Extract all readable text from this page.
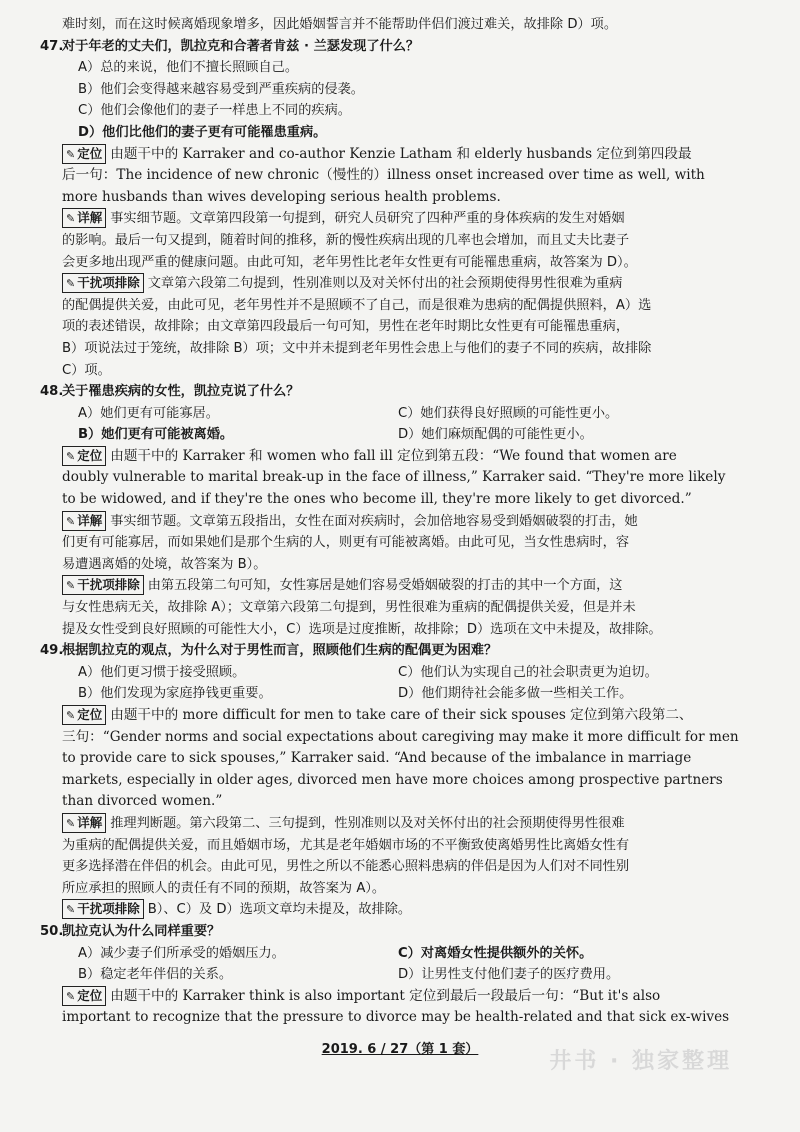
难时刻，而在这时候离婚现象增多，因此婚姻誓言并不能帮助伴侣们渡过难关，故排除 D）项。
47.对于年老的丈夫们，凯拉克和合著者肯兹 · 兰瑟发现了什么？
A）总的来说，他们不擅长照顾自己。
B）他们会变得越来越容易受到严重疾病的侵袭。
C）他们会像他们的妻子一样患上不同的疾病。
D）他们比他们的妻子更有可能罹患重病。
✎ 定位 由题干中的 Karraker and co-author Kenzie Latham 和 elderly husbands 定位到第四段最
后一句：The incidence of new chronic（慢性的）illness onset increased over time as well, with
more husbands than wives developing serious health problems.
✎ 详解 事实细节题。文章第四段第一句提到，研究人员研究了四种严重的身体疾病的发生对婚姻
的影响。最后一句又提到，随着时间的推移，新的慢性疾病出现的几率也会增加，而且丈夫比妻子
会更多地出现严重的健康问题。由此可知，老年男性比老年女性更有可能罹患重病，故答案为 D）。
✎ 干扰项排除 文章第六段第二句提到，性别准则以及对关怀付出的社会预期使得男性很难为重病
的配偶提供关爱，由此可见，老年男性并不是照顾不了自己，而是很难为患病的配偶提供照料，A）选
项的表述错误，故排除；由文章第四段最后一句可知，男性在老年时期比女性更有可能罹患重病，
B）项说法过于笼统，故排除 B）项；文中并未提到老年男性会患上与他们的妻子不同的疾病，故排除
C）项。
48.关于罹患疾病的女性，凯拉克说了什么？
A）她们更有可能寡居。	C）她们获得良好照顾的可能性更小。
B）她们更有可能被离婚。	D）她们麻烦配偶的可能性更小。
✎ 定位 由题干中的 Karraker 和 women who fall ill 定位到第五段：“We found that women are
doubly vulnerable to marital break-up in the face of illness,” Karraker said. “They're more likely
to be widowed, and if they're the ones who become ill, they're more likely to get divorced.”
✎ 详解 事实细节题。文章第五段指出，女性在面对疾病时，会加倍地容易受到婚姻破裂的打击，她
们更有可能寡居，而如果她们是那个生病的人，则更有可能被离婚。由此可见，当女性患病时，容
易遭遇离婚的处境，故答案为 B）。
✎ 干扰项排除 由第五段第二句可知，女性寡居是她们容易受婚姻破裂的打击的其中一个方面，这
与女性患病无关，故排除 A）；文章第六段第二句提到，男性很难为重病的配偶提供关爱，但是并未
提及女性受到良好照顾的可能性大小，C）选项是过度推断，故排除；D）选项在文中未提及，故排除。
49.根据凯拉克的观点，为什么对于男性而言，照顾他们生病的配偶更为困难？
A）他们更习惯于接受照顾。	C）他们认为实现自己的社会职责更为迫切。
B）他们发现为家庭挣钱更重要。	D）他们期待社会能多做一些相关工作。
✎ 定位 由题干中的 more difficult for men to take care of their sick spouses 定位到第六段第二、
三句：“Gender norms and social expectations about caregiving may make it more difficult for men
to provide care to sick spouses,” Karraker said. “And because of the imbalance in marriage
markets, especially in older ages, divorced men have more choices among prospective partners
than divorced women.”
✎ 详解 推理判断题。第六段第二、三句提到，性别准则以及对关怀付出的社会预期使得男性很难
为重病的配偶提供关爱，而且婚姻市场，尤其是老年婚姻市场的不平衡致使离婚男性比离婚女性有
更多选择潜在伴侣的机会。由此可见，男性之所以不能悉心照料患病的伴侣是因为人们对不同性别
所应承担的照顾人的责任有不同的预期，故答案为 A）。
✎ 干扰项排除 B）、C）及 D）选项文章均未提及，故排除。
50.凯拉克认为什么同样重要？
A）减少妻子们所承受的婚姻压力。	C）对离婚女性提供额外的关怀。
B）稳定老年伴侣的关系。	D）让男性支付他们妻子的医疗费用。
✎ 定位 由题干中的 Karraker think is also important 定位到最后一段最后一句：“But it's also
important to recognize that the pressure to divorce may be health-related and that sick ex-wives
2019. 6 / 27（第 1 套）	井书 · 独家整理
